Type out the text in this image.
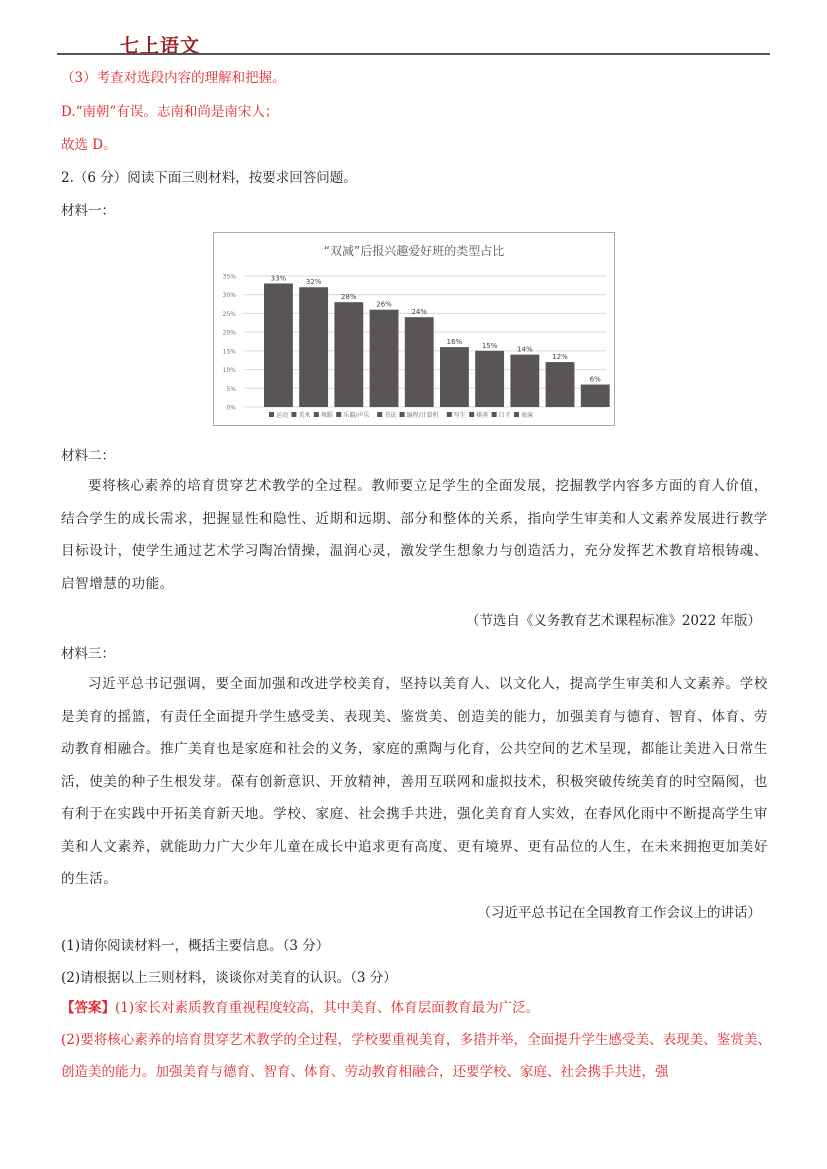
七上语文
（3）考查对选段内容的理解和把握。
D.“南朝”有误。志南和尚是南宋人；
故选 D。
2.（6 分）阅读下面三则材料，按要求回答问题。
材料一：
“双减”后报兴趣爱好班的类型占比
0%
5%
10%
15%
20%
25%
30%
35%	33%	32%
28%
26%
24%
16%	15%	14%
12%
6%
运动 美术 舞蹈 乐器/声乐 书法 编程/计算机	写生 棋类 口才 表演
材料二：
要将核心素养的培育贯穿艺术教学的全过程。教师要立足学生的全面发展，挖掘教学内容多方面的育人价值，结合学生的成长需求，把握显性和隐性、近期和远期、部分和整体的关系，指向学生审美和人文素养发展进行教学目标设计，使学生通过艺术学习陶冶情操，温润心灵，激发学生想象力与创造活力，充分发挥艺术教育培根铸魂、启智增慧的功能。
（节选自《义务教育艺术课程标准》2022 年版）
材料三：
习近平总书记强调，要全面加强和改进学校美育，坚持以美育人、以文化人，提高学生审美和人文素养。学校是美育的摇篮，有责任全面提升学生感受美、表现美、鉴赏美、创造美的能力，加强美育与德育、智育、体育、劳动教育相融合。推广美育也是家庭和社会的义务，家庭的熏陶与化育，公共空间的艺术呈现，都能让美进入日常生活，使美的种子生根发芽。葆有创新意识、开放精神，善用互联网和虚拟技术，积极突破传统美育的时空隔阂，也有利于在实践中开拓美育新天地。学校、家庭、社会携手共进，强化美育育人实效，在春风化雨中不断提高学生审美和人文素养，就能助力广大少年儿童在成长中追求更有高度、更有境界、更有品位的人生，在未来拥抱更加美好的生活。
（习近平总书记在全国教育工作会议上的讲话）
(1)请你阅读材料一，概括主要信息。（3 分）
(2)请根据以上三则材料，谈谈你对美育的认识。（3 分）
【答案】(1)家长对素质教育重视程度较高，其中美育、体育层面教育最为广泛。
(2)要将核心素养的培育贯穿艺术教学的全过程，学校要重视美育，多措并举，全面提升学生感受美、表现美、鉴赏美、创造美的能力。加强美育与德育、智育、体育、劳动教育相融合，还要学校、家庭、社会携手共进，强
